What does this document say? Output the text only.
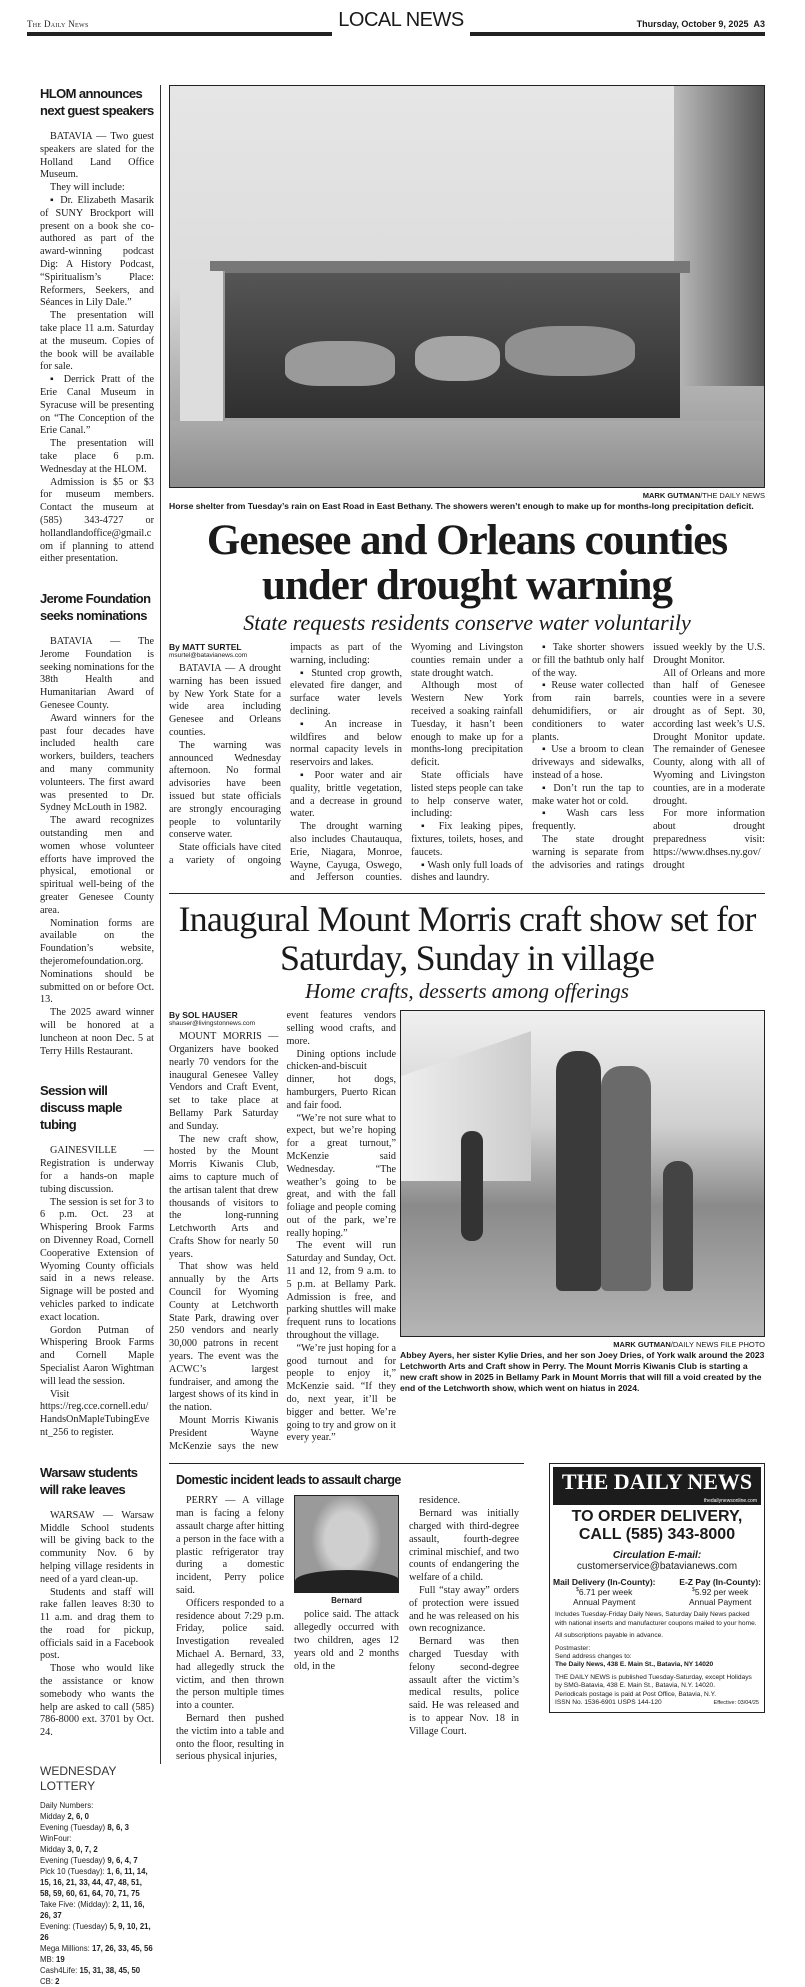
The Daily News	LOCAL NEWS	Thursday, October 9, 2025 A3
HLOM announces next guest speakers

BATAVIA — Two guest speakers are slated for the Holland Land Office Museum.

They will include:

▪ Dr. Elizabeth Masarik of SUNY Brockport will present on a book she co-authored as part of the award-winning podcast Dig: A History Podcast, “Spiritualism’s Place: Reformers, Seekers, and Séances in Lily Dale.”

The presentation will take place 11 a.m. Saturday at the museum. Copies of the book will be available for sale.

▪ Derrick Pratt of the Erie Canal Museum in Syracuse will be presenting on “The Conception of the Erie Canal.”

The presentation will take place 6 p.m. Wednesday at the HLOM.

Admission is $5 or $3 for museum members. Contact the museum at (585) 343-4727 or hollandlandoffice@gmail.com if planning to attend either presentation.

Jerome Foundation seeks nominations

BATAVIA — The Jerome Foundation is seeking nominations for the 38th Health and Humanitarian Award of Genesee County.

Award winners for the past four decades have included health care workers, builders, teachers and many community volunteers. The first award was presented to Dr. Sydney McLouth in 1982.

The award recognizes outstanding men and women whose volunteer efforts have improved the physical, emotional or spiritual well-being of the greater Genesee County area.

Nomination forms are available on the Foundation’s website, thejeromefoundation.org. Nominations should be submitted on or before Oct. 13.

The 2025 award winner will be honored at a luncheon at noon Dec. 5 at Terry Hills Restaurant.

Session will discuss maple tubing

GAINESVILLE — Registration is underway for a hands-on maple tubing discussion.

The session is set for 3 to 6 p.m. Oct. 23 at Whispering Brook Farms on Divenney Road, Cornell Cooperative Extension of Wyoming County officials said in a news release. Signage will be posted and vehicles parked to indicate exact location.

Gordon Putman of Whispering Brook Farms and Cornell Maple Specialist Aaron Wightman will lead the session.

Visit https://reg.cce.cornell.edu/HandsOnMapleTubingEvent_256 to register.

Warsaw students will rake leaves

WARSAW — Warsaw Middle School students will be giving back to the community Nov. 6 by helping village residents in need of a yard clean-up.

Students and staff will rake fallen leaves 8:30 to 11 a.m. and drag them to the road for pickup, officials said in a Facebook post.

Those who would like the assistance or know somebody who wants the help are asked to call (585) 786-8000 ext. 3701 by Oct. 24.

WEDNESDAY LOTTERY
Daily Numbers:
Midday 2, 6, 0
Evening (Tuesday) 8, 6, 3
WinFour:
Midday 3, 0, 7, 2
Evening (Tuesday) 9, 6, 4, 7
Pick 10 (Tuesday): 1, 6, 11, 14, 15, 16, 21, 33, 44, 47, 48, 51, 58, 59, 60, 61, 64, 70, 71, 75
Take Five: (Midday): 2, 11, 16, 26, 37
Evening: (Tuesday) 5, 9, 10, 21, 26
Mega Millions: 17, 26, 33, 45, 56
MB: 19
Cash4Life: 15, 31, 38, 45, 50 CB: 2

MARK GUTMAN/THE DAILY NEWS
Horse shelter from Tuesday’s rain on East Road in East Bethany. The showers weren’t enough to make up for months-long precipitation deficit.
Genesee and Orleans counties under drought warning
State requests residents conserve water voluntarily
By MATT SURTEL
msurtel@batavianews.com

BATAVIA — A drought warning has been issued by New York State for a wide area including Genesee and Orleans counties.

The warning was announced Wednesday afternoon. No formal advisories have been issued but state officials are strongly encouraging people to voluntarily conserve water.

State officials have cited a variety of ongoing impacts as part of the warning, including:

▪ Stunted crop growth, elevated fire danger, and surface water levels declining.

▪ An increase in wildfires and below normal capacity levels in reservoirs and lakes.

▪ Poor water and air quality, brittle vegetation, and a decrease in ground water.

The drought warning also includes Chautauqua, Erie, Niagara, Monroe, Wayne, Cayuga, Oswego, and Jefferson counties. Wyoming and Livingston counties remain under a state drought watch.

Although most of Western New York received a soaking rainfall Tuesday, it hasn’t been enough to make up for a months-long precipitation deficit.

State officials have listed steps people can take to help conserve water, including:

▪ Fix leaking pipes, fixtures, toilets, hoses, and faucets.

▪ Wash only full loads of dishes and laundry.

▪ Take shorter showers or fill the bathtub only half of the way.

▪ Reuse water collected from rain barrels, dehumidifiers, or air conditioners to water plants.

▪ Use a broom to clean driveways and sidewalks, instead of a hose.

▪ Don’t run the tap to make water hot or cold.

▪ Wash cars less frequently.

The state drought warning is separate from the advisories and ratings issued weekly by the U.S. Drought Monitor.

All of Orleans and more than half of Genesee counties were in a severe drought as of Sept. 30, according last week’s U.S. Drought Monitor update. The remainder of Genesee County, along with all of Wyoming and Livingston counties, are in a moderate drought.

For more information about drought preparedness visit: https://www.dhses.ny.gov/drought

Inaugural Mount Morris craft show set for Saturday, Sunday in village
Home crafts, desserts among offerings
By SOL HAUSER
shauser@livingstonnews.com

MOUNT MORRIS — Organizers have booked nearly 70 vendors for the inaugural Genesee Valley Vendors and Craft Event, set to take place at Bellamy Park Saturday and Sunday.

The new craft show, hosted by the Mount Morris Kiwanis Club, aims to capture much of the artisan talent that drew thousands of visitors to the long-running Letchworth Arts and Crafts Show for nearly 50 years.

That show was held annually by the Arts Council for Wyoming County at Letchworth State Park, drawing over 250 vendors and nearly 30,000 patrons in recent years. The event was the ACWC’s largest fundraiser, and among the largest shows of its kind in the nation.

Mount Morris Kiwanis President Wayne McKenzie says the new event features vendors selling wood crafts, and more.

Dining options include chicken-and-biscuit dinner, hot dogs, hamburgers, Puerto Rican and fair food.

“We’re not sure what to expect, but we’re hoping for a great turnout,” McKenzie said Wednesday. “The weather’s going to be great, and with the fall foliage and people coming out of the park, we’re really hoping.”

The event will run Saturday and Sunday, Oct. 11 and 12, from 9 a.m. to 5 p.m. at Bellamy Park. Admission is free, and parking shuttles will make frequent runs to locations throughout the village.

“We’re just hoping for a good turnout and for people to enjoy it,” McKenzie said. “If they do, next year, it’ll be bigger and better. We’re going to try and grow on it every year.”

MARK GUTMAN/DAILY NEWS FILE PHOTO
Abbey Ayers, her sister Kylie Dries, and her son Joey Dries, of York walk around the 2023 Letchworth Arts and Craft show in Perry. The Mount Morris Kiwanis Club is starting a new craft show in 2025 in Bellamy Park in Mount Morris that will fill a void created by the end of the Letchworth show, which went on hiatus in 2024.
Domestic incident leads to assault charge

PERRY — A village man is facing a felony assault charge after hitting a person in the face with a plastic refrigerator tray during a domestic incident, Perry police said.

Officers responded to a residence about 7:29 p.m. Friday, police said. Investigation revealed Michael A. Bernard, 33, had allegedly struck the victim, and then thrown the person multiple times into a counter.

Bernard then pushed the victim into a table and onto the floor, resulting in serious physical injuries,

Bernard

police said. The attack allegedly occurred with two children, ages 12 years old and 2 months old, in the

residence.

Bernard was initially charged with third-degree assault, fourth-degree criminal mischief, and two counts of endangering the welfare of a child.

Full “stay away” orders of protection were issued and he was released on his own recognizance.

Bernard was then charged Tuesday with felony second-degree assault after the victim’s medical results, police said. He was released and is to appear Nov. 18 in Village Court.

THE DAILY NEWS
thedailynewsonline.com
TO ORDER DELIVERY,
CALL (585) 343-8000
Circulation E-mail:
customerservice@batavianews.com
Mail Delivery (In-County):
$6.71 per week
Annual Payment
E-Z Pay (In-County):
$5.92 per week
Annual Payment
Includes Tuesday-Friday Daily News, Saturday Daily News packed with national inserts and manufacturer coupons mailed to your home.
All subscriptions payable in advance.
Postmaster:
Send address changes to:
The Daily News, 438 E. Main St., Batavia, NY 14020
THE DAILY NEWS is published Tuesday-Saturday, except Holidays by SMG-Batavia, 438 E. Main St., Batavia, N.Y. 14020.
Periodicals postage is paid at Post Office, Batavia, N.Y.
ISSN No. 1536-6901 USPS 144-120	Effective: 03/04/25
